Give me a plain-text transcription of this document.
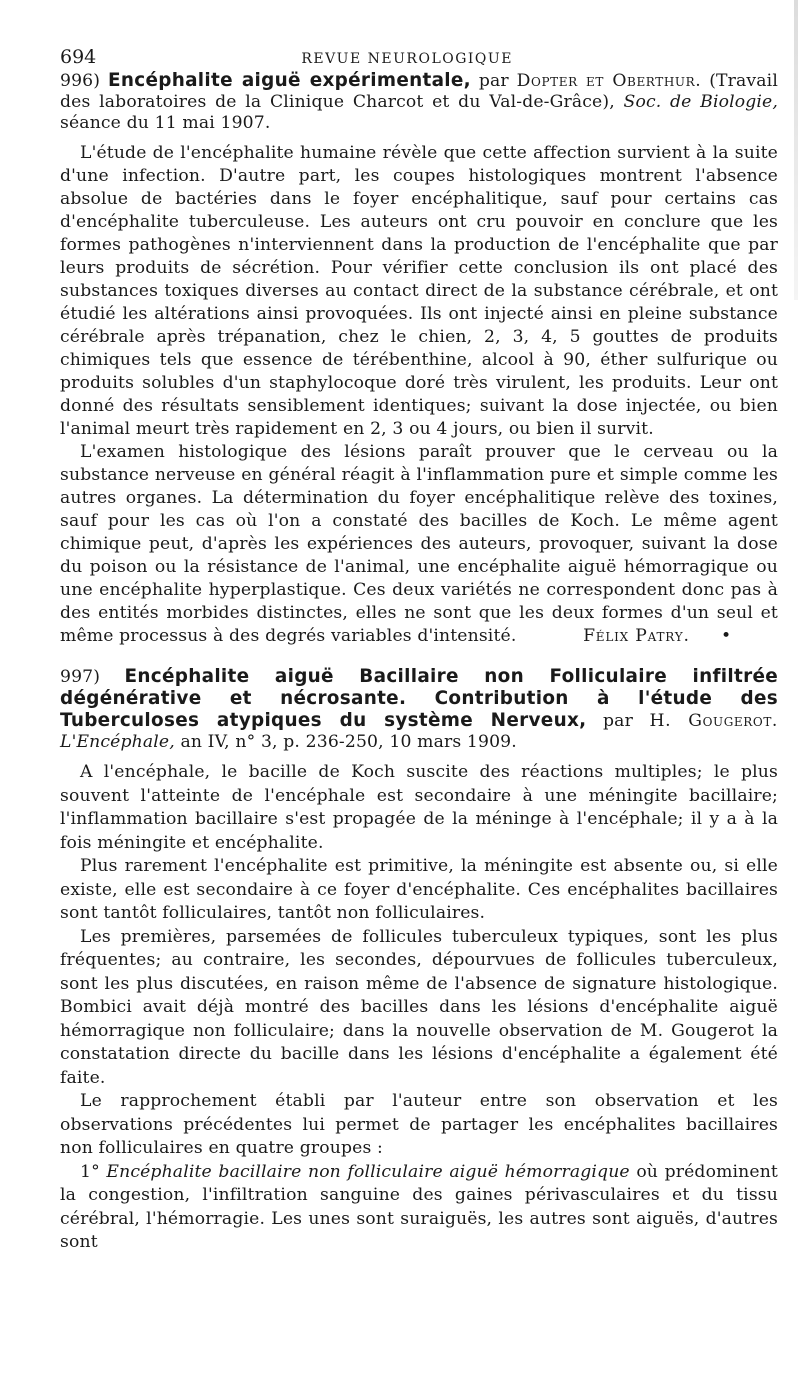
694	REVUE NEUROLOGIQUE

996) Encéphalite aiguë expérimentale, par Dopter et Oberthur. (Travail des laboratoires de la Clinique Charcot et du Val-de-Grâce), Soc. de Biologie, séance du 11 mai 1907.

L'étude de l'encéphalite humaine révèle que cette affection survient à la suite d'une infection. D'autre part, les coupes histologiques montrent l'absence absolue de bactéries dans le foyer encéphalitique, sauf pour certains cas d'encéphalite tuberculeuse. Les auteurs ont cru pouvoir en conclure que les formes pathogènes n'interviennent dans la production de l'encéphalite que par leurs produits de sécrétion. Pour vérifier cette conclusion ils ont placé des substances toxiques diverses au contact direct de la substance cérébrale, et ont étudié les altérations ainsi provoquées. Ils ont injecté ainsi en pleine substance cérébrale après trépanation, chez le chien, 2, 3, 4, 5 gouttes de produits chimiques tels que essence de térébenthine, alcool à 90, éther sulfurique ou produits solubles d'un staphylocoque doré très virulent, les produits. Leur ont donné des résultats sensiblement identiques; suivant la dose injectée, ou bien l'animal meurt très rapidement en 2, 3 ou 4 jours, ou bien il survit.

L'examen histologique des lésions paraît prouver que le cerveau ou la substance nerveuse en général réagit à l'inflammation pure et simple comme les autres organes. La détermination du foyer encéphalitique relève des toxines, sauf pour les cas où l'on a constaté des bacilles de Koch. Le même agent chimique peut, d'après les expériences des auteurs, provoquer, suivant la dose du poison ou la résistance de l'animal, une encéphalite aiguë hémorragique ou une encéphalite hyperplastique. Ces deux variétés ne correspondent donc pas à des entités morbides distinctes, elles ne sont que les deux formes d'un seul et même processus à des degrés variables d'intensité.	Félix Patry. •

997) Encéphalite aiguë Bacillaire non Folliculaire infiltrée dégénérative et nécrosante. Contribution à l'étude des Tuberculoses atypiques du système Nerveux, par H. Gougerot. L'Encéphale, an IV, n° 3, p. 236-250, 10 mars 1909.

A l'encéphale, le bacille de Koch suscite des réactions multiples; le plus souvent l'atteinte de l'encéphale est secondaire à une méningite bacillaire; l'inflammation bacillaire s'est propagée de la méninge à l'encéphale; il y a à la fois méningite et encéphalite.

Plus rarement l'encéphalite est primitive, la méningite est absente ou, si elle existe, elle est secondaire à ce foyer d'encéphalite. Ces encéphalites bacillaires sont tantôt folliculaires, tantôt non folliculaires.

Les premières, parsemées de follicules tuberculeux typiques, sont les plus fréquentes; au contraire, les secondes, dépourvues de follicules tuberculeux, sont les plus discutées, en raison même de l'absence de signature histologique. Bombici avait déjà montré des bacilles dans les lésions d'encéphalite aiguë hémorragique non folliculaire; dans la nouvelle observation de M. Gougerot la constatation directe du bacille dans les lésions d'encéphalite a également été faite.

Le rapprochement établi par l'auteur entre son observation et les observations précédentes lui permet de partager les encéphalites bacillaires non folliculaires en quatre groupes :

1° Encéphalite bacillaire non folliculaire aiguë hémorragique où prédominent la congestion, l'infiltration sanguine des gaines périvasculaires et du tissu cérébral, l'hémorragie. Les unes sont suraiguës, les autres sont aiguës, d'autres sont
